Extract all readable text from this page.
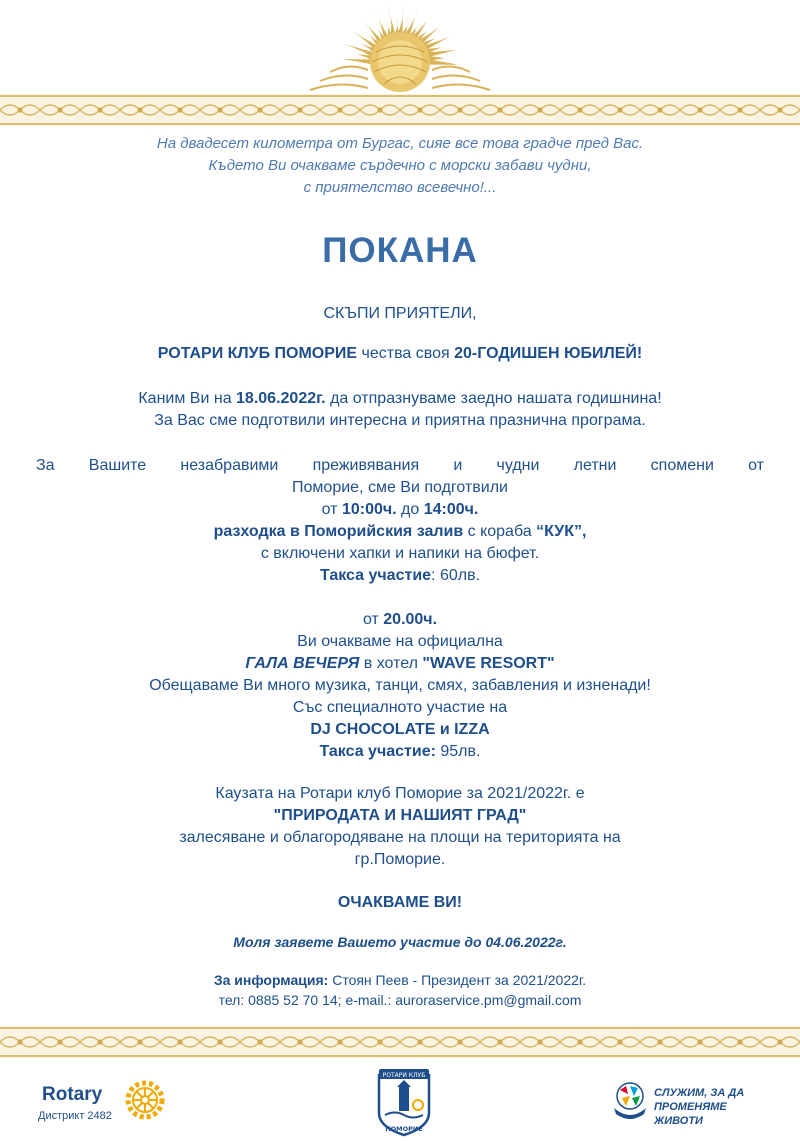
На двадесет километра от Бургас, сияе все това градче пред Вас.
Където Ви очакваме сърдечно с морски забави чудни,
с приятелство всевечно!...
ПОКАНА
СКЪПИ ПРИЯТЕЛИ,
РОТАРИ КЛУБ ПОМОРИЕ чества своя 20-ГОДИШЕН ЮБИЛЕЙ!
Каним Ви на 18.06.2022г. да отпразнуваме заедно нашата годишнина!
За Вас сме подготвили интересна и приятна празнична програма.
За Вашите незабравими преживявания и чудни летни спомени от
Поморие, сме Ви подготвили
от 10:00ч. до 14:00ч.
разходка в Поморийския залив с кораба “КУК”,
с включени хапки и напики на бюфет.
Такса участие: 60лв.
от 20.00ч.
Ви очакваме на официална
ГАЛА ВЕЧЕРЯ в хотел "WAVE RESORT"
Обещаваме Ви много музика, танци, смях, забавления и изненади!
Със специалното участие на
DJ CHOCOLATE и IZZA
Такса участие: 95лв.
Каузата на Ротари клуб Поморие за 2021/2022г. е
"ПРИРОДАТА И НАШИЯТ ГРАД"
залесяване и облагородяване на площи на територията на
гр.Поморие.
ОЧАКВАМЕ ВИ!
Моля заявете Вашето участие до 04.06.2022г.
За информация: Стоян Пеев - Президент за 2021/2022г.
тел: 0885 52 70 14; e-mail.: auroraservice.pm@gmail.com
Rotary
Дистрикт 2482
РОТАРИ КЛУБ
ПОМОРИЕ
СЛУЖИМ, ЗА ДА
ПРОМЕНЯМЕ ЖИВОТИ
